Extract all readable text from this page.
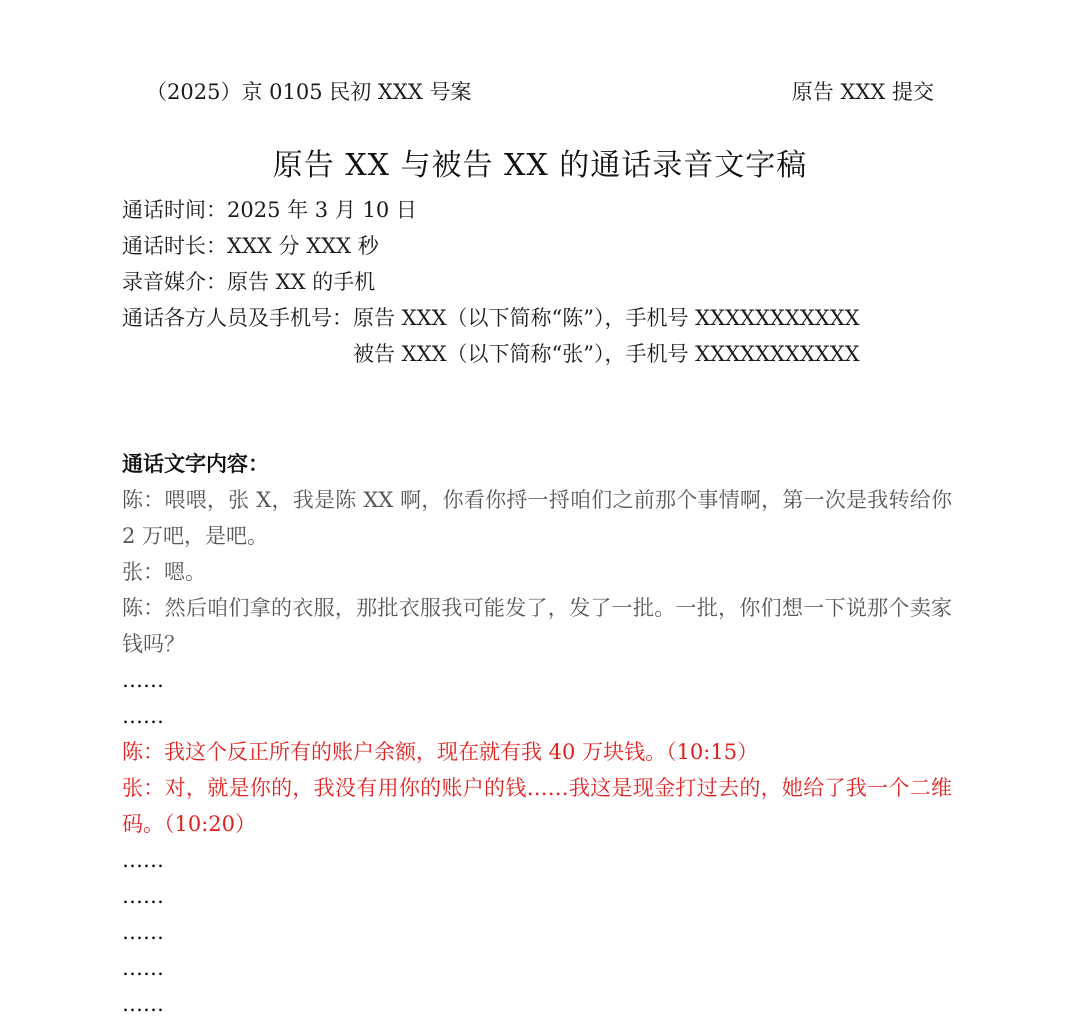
（2025）京 0105 民初 XXX 号案	原告 XXX 提交
原告 XX 与被告 XX 的通话录音文字稿
通话时间：2025 年 3 月 10 日
通话时长：XXX 分 XXX 秒
录音媒介：原告 XX 的手机
通话各方人员及手机号： 原告 XXX（以下简称“陈”），手机号 XXXXXXXXXXX
被告 XXX（以下简称“张”），手机号 XXXXXXXXXXX
通话文字内容：
陈：喂喂，张 X，我是陈 XX 啊，你看你捋一捋咱们之前那个事情啊，第一次是我转给你 2 万吧，是吧。
张：嗯。
陈：然后咱们拿的衣服，那批衣服我可能发了，发了一批。一批，你们想一下说那个卖家钱吗？
……
……
陈：我这个反正所有的账户余额，现在就有我 40 万块钱。（10:15）
张：对，就是你的，我没有用你的账户的钱……我这是现金打过去的，她给了我一个二维码。（10:20）
……
……
……
……
……
